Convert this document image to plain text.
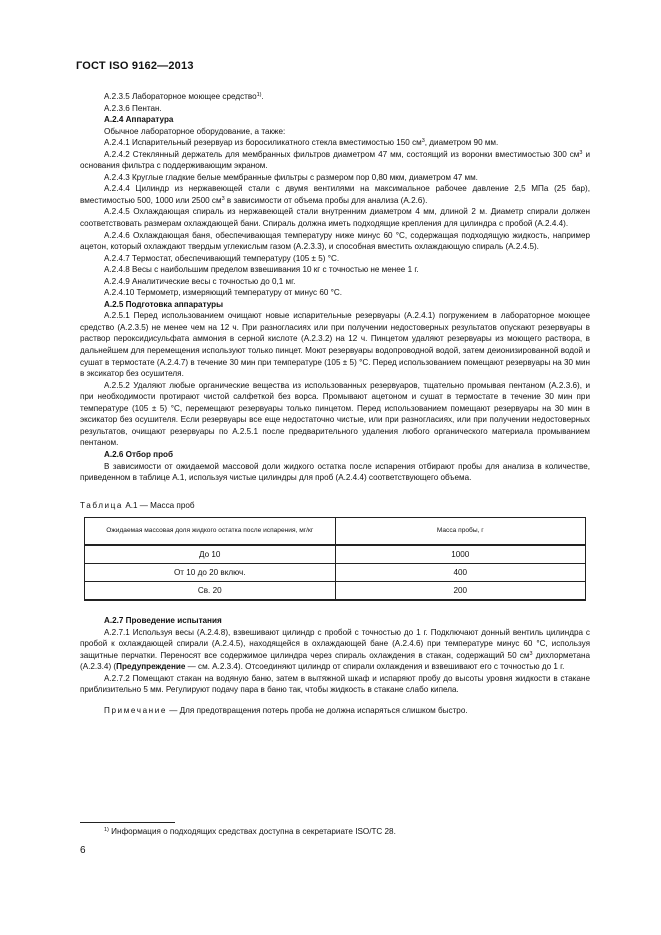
ГОСТ ISO 9162—2013

А.2.3.5 Лабораторное моющее средство$^{1)}$.

А.2.3.6 Пентан.

А.2.4 Аппаратура

Обычное лабораторное оборудование, а также:

А.2.4.1 Испарительный резервуар из боросиликатного стекла вместимостью 150 $см^3$, диаметром 90 мм.

А.2.4.2 Стеклянный держатель для мембранных фильтров диаметром 47 мм, состоящий из воронки вместимостью 300 $см^3$ и основания фильтра с поддерживающим экраном.

А.2.4.3 Круглые гладкие белые мембранные фильтры с размером пор 0,80 мкм, диаметром 47 мм.

А.2.4.4 Цилиндр из нержавеющей стали с двумя вентилями на максимальное рабочее давление 2,5 МПа (25 бар), вместимостью 500, 1000 или 2500 $см^3$ в зависимости от объема пробы для анализа (А.2.6).

А.2.4.5 Охлаждающая спираль из нержавеющей стали внутренним диаметром 4 мм, длиной 2 м. Диаметр спирали должен соответствовать размерам охлаждающей бани. Спираль должна иметь подходящие крепления для цилиндра с пробой (А.2.4.4).

А.2.4.6 Охлаждающая баня, обеспечивающая температуру ниже минус 60 °С, содержащая подходящую жидкость, например ацетон, который охлаждают твердым углекислым газом (А.2.3.3), и способная вместить охлаждающую спираль (А.2.4.5).

А.2.4.7 Термостат, обеспечивающий температуру (105 ± 5) °С.

А.2.4.8 Весы с наибольшим пределом взвешивания 10 кг с точностью не менее 1 г.

А.2.4.9 Аналитические весы с точностью до 0,1 мг.

А.2.4.10 Термометр, измеряющий температуру от минус 60 °С.

А.2.5 Подготовка аппаратуры

А.2.5.1 Перед использованием очищают новые испарительные резервуары (А.2.4.1) погружением в лабораторное моющее средство (А.2.3.5) не менее чем на 12 ч. При разногласиях или при получении недостоверных результатов опускают резервуары в раствор пероксидисульфата аммония в серной кислоте (А.2.3.2) на 12 ч. Пинцетом удаляют резервуары из моющего раствора, в дальнейшем для перемещения используют только пинцет. Моют резервуары водопроводной водой, затем деионизированной водой и сушат в термостате (А.2.4.7) в течение 30 мин при температуре (105 ± 5) °С. Перед использованием помещают резервуары на 30 мин в эксикатор без осушителя.

А.2.5.2 Удаляют любые органические вещества из использованных резервуаров, тщательно промывая пентаном (А.2.3.6), и при необходимости протирают чистой салфеткой без ворса. Промывают ацетоном и сушат в термостате в течение 30 мин при температуре (105 ± 5) °С, перемещают резервуары только пинцетом. Перед использованием помещают резервуары на 30 мин в эксикатор без осушителя. Если резервуары все еще недостаточно чистые, или при разногласиях, или при получении недостоверных результатов, очищают резервуары по А.2.5.1 после предварительного удаления любого органического материала промыванием пентаном.

А.2.6 Отбор проб

В зависимости от ожидаемой массовой доли жидкого остатка после испарения отбирают пробы для анализа в количестве, приведенном в таблице А.1, используя чистые цилиндры для проб (А.2.4.4) соответствующего объема.

Таблица А.1 — Масса проб

Ожидаемая массовая доля жидкого остатка после испарения, мг/кг	Масса пробы, г
До 10	1000
От 10 до 20 включ.	400
Св. 20	200

А.2.7 Проведение испытания

А.2.7.1 Используя весы (А.2.4.8), взвешивают цилиндр с пробой с точностью до 1 г. Подключают донный вентиль цилиндра с пробой к охлаждающей спирали (А.2.4.5), находящейся в охлаждающей бане (А.2.4.6) при температуре минус 60 °С, используя защитные перчатки. Переносят все содержимое цилиндра через спираль охлаждения в стакан, содержащий 50 $см^3$ дихлорметана (А.2.3.4) (Предупреждение — см. А.2.3.4). Отсоединяют цилиндр от спирали охлаждения и взвешивают его с точностью до 1 г.

А.2.7.2 Помещают стакан на водяную баню, затем в вытяжной шкаф и испаряют пробу до высоты уровня жидкости в стакане приблизительно 5 мм. Регулируют подачу пара в баню так, чтобы жидкость в стакане слабо кипела.

Примечание — Для предотвращения потерь проба не должна испаряться слишком быстро.

$^{1)}$ Информация о подходящих средствах доступна в секретариате ISO/TC 28.
6
